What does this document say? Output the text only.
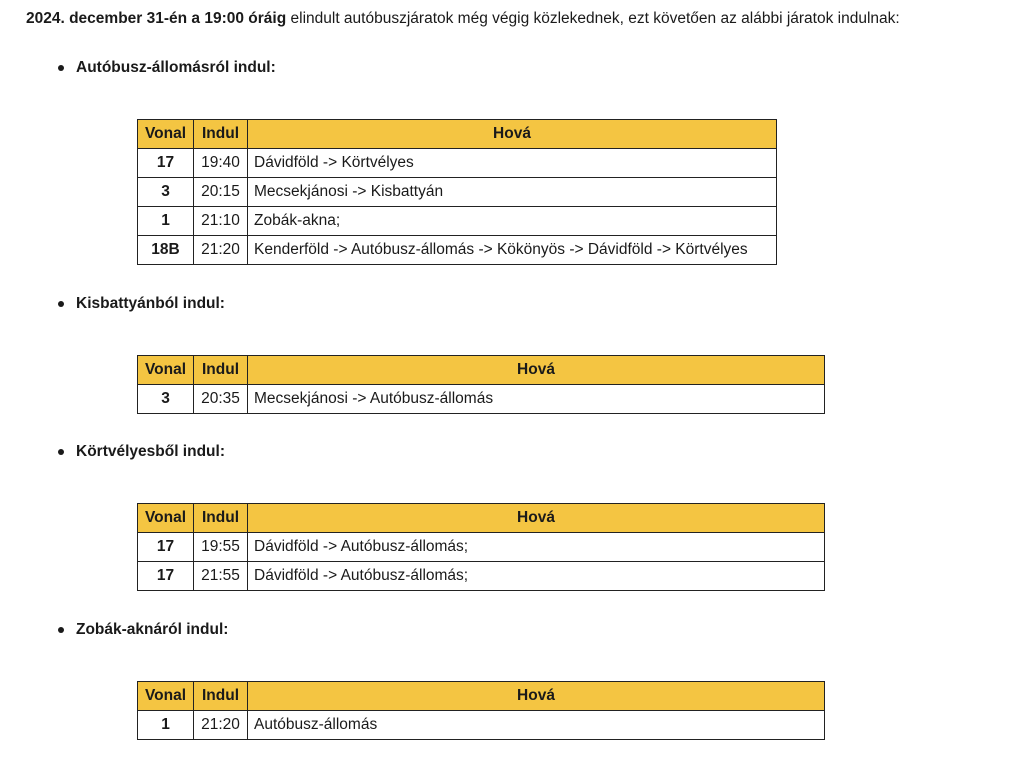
2024. december 31-én a 19:00 óráig elindult autóbuszjáratok még végig közlekednek, ezt követően az alábbi járatok indulnak:

Autóbusz-állomásról indul:
Vonal	Indul	Hová
17	19:40	Dávidföld -> Körtvélyes
3	20:15	Mecsekjánosi -> Kisbattyán
1	21:10	Zobák-akna;
18B	21:20	Kenderföld -> Autóbusz-állomás -> Kökönyös -> Dávidföld -> Körtvélyes
Kisbattyánból indul:
Vonal	Indul	Hová
3	20:35	Mecsekjánosi -> Autóbusz-állomás
Körtvélyesből indul:
Vonal	Indul	Hová
17	19:55	Dávidföld -> Autóbusz-állomás;
17	21:55	Dávidföld -> Autóbusz-állomás;
Zobák-aknáról indul:
Vonal	Indul	Hová
1	21:20	Autóbusz-állomás
